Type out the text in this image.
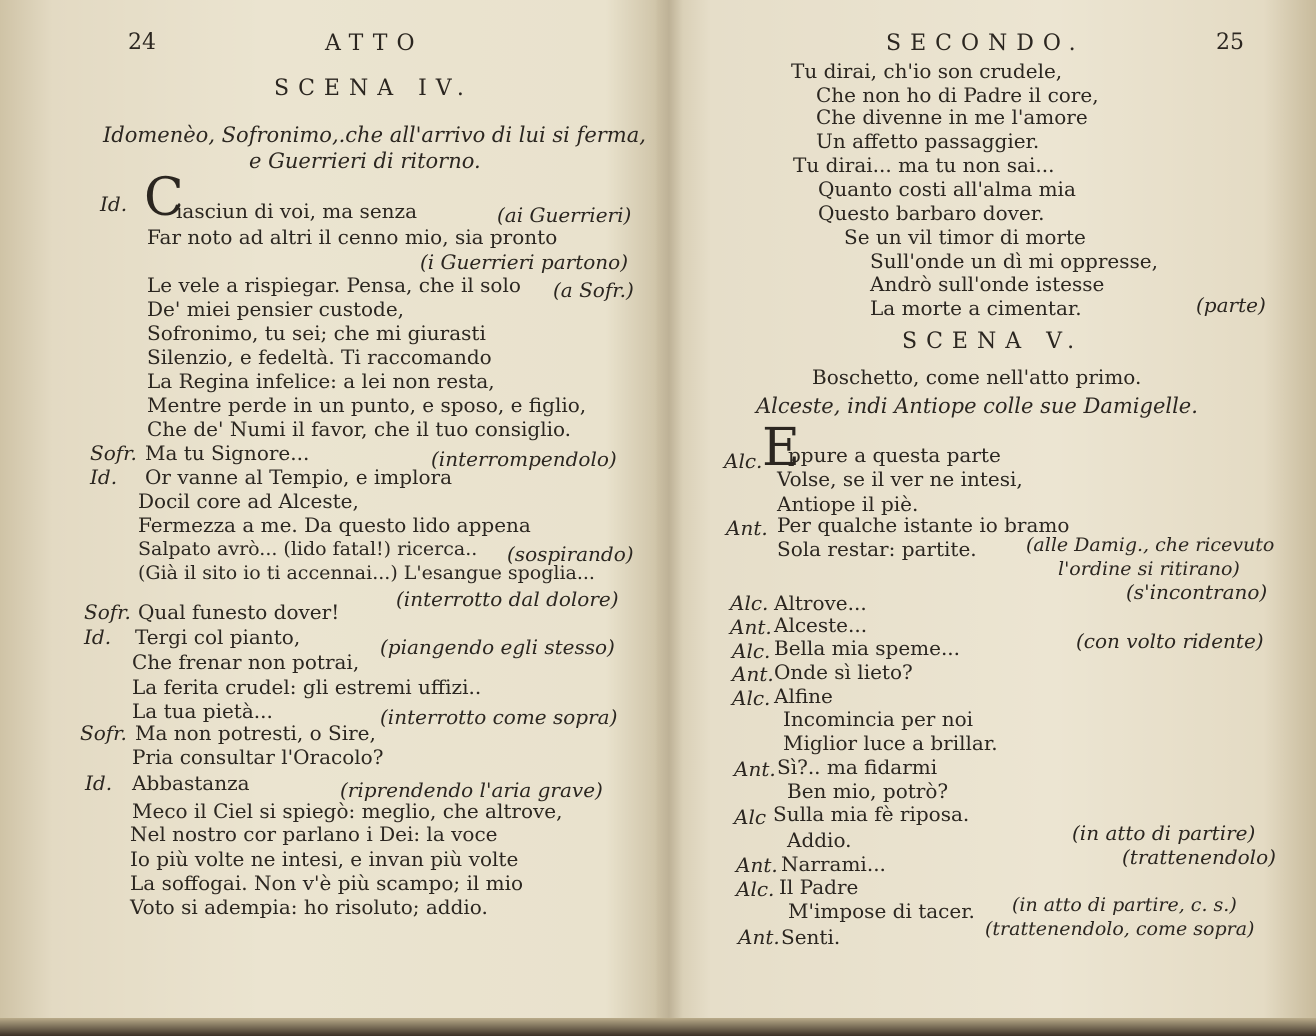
24	ATTO
SCENA IV.
Idomenèo, Sofronimo,.che all'arrivo di lui si ferma,
e Guerrieri di ritorno.
Id. C
iasciun di voi, ma senza	(ai Guerrieri)
Far noto ad altri il cenno mio, sia pronto
(i Guerrieri partono)
Le vele a rispiegar. Pensa, che il solo (a Sofr.)
De' miei pensier custode,
Sofronimo, tu sei; che mi giurasti
Silenzio, e fedeltà. Ti raccomando
La Regina infelice: a lei non resta,
Mentre perde in un punto, e sposo, e figlio,
Che de' Numi il favor, che il tuo consiglio.
Sofr. Ma tu Signore...	(interrompendolo)
Id. Or vanne al Tempio, e implora
Docil core ad Alceste,
Fermezza a me. Da questo lido appena
Salpato avrò... (lido fatal!) ricerca.. (sospirando)
(Già il sito io ti accennai...) L'esangue spoglia...
(interrotto dal dolore)
Sofr. Qual funesto dover!
Id. Tergi col pianto,	(piangendo egli stesso)
Che frenar non potrai,
La ferita crudel: gli estremi uffizi..
La tua pietà...	(interrotto come sopra)
Sofr. Ma non potresti, o Sire,
Pria consultar l'Oracolo?
Id. Abbastanza	(riprendendo l'aria grave)
Meco il Ciel si spiegò: meglio, che altrove,
Nel nostro cor parlano i Dei: la voce
Io più volte ne intesi, e invan più volte
La soffogai. Non v'è più scampo; il mio
Voto si adempia: ho risoluto; addio.
SECONDO.	25
Tu dirai, ch'io son crudele,
Che non ho di Padre il core,
Che divenne in me l'amore
Un affetto passaggier.
Tu dirai... ma tu non sai...
Quanto costi all'alma mia
Questo barbaro dover.
Se un vil timor di morte
Sull'onde un dì mi oppresse,
Andrò sull'onde istesse
La morte a cimentar.	(parte)
SCENA V.
Boschetto, come nell'atto primo.
Alceste, indi Antiope colle sue Damigelle.
Alc. E
ppure a questa parte
Volse, se il ver ne intesi,
Antiope il piè.
Ant. Per qualche istante io bramo
Sola restar: partite.	(alle Damig., che ricevuto
l'ordine si ritirano)
Alc. Altrove...	(s'incontrano)
Ant. Alceste...
Alc. Bella mia speme...	(con volto ridente)
Ant. Onde sì lieto?
Alc. Alfine
Incomincia per noi
Miglior luce a brillar.
Ant. Sì?.. ma fidarmi
Ben mio, potrò?
Alc Sulla mia fè riposa.
Addio.	(in atto di partire)
Ant. Narrami...	(trattenendolo)
Alc. Il Padre
M'impose di tacer. (in atto di partire, c. s.)
Ant. Senti.	(trattenendolo, come sopra)
